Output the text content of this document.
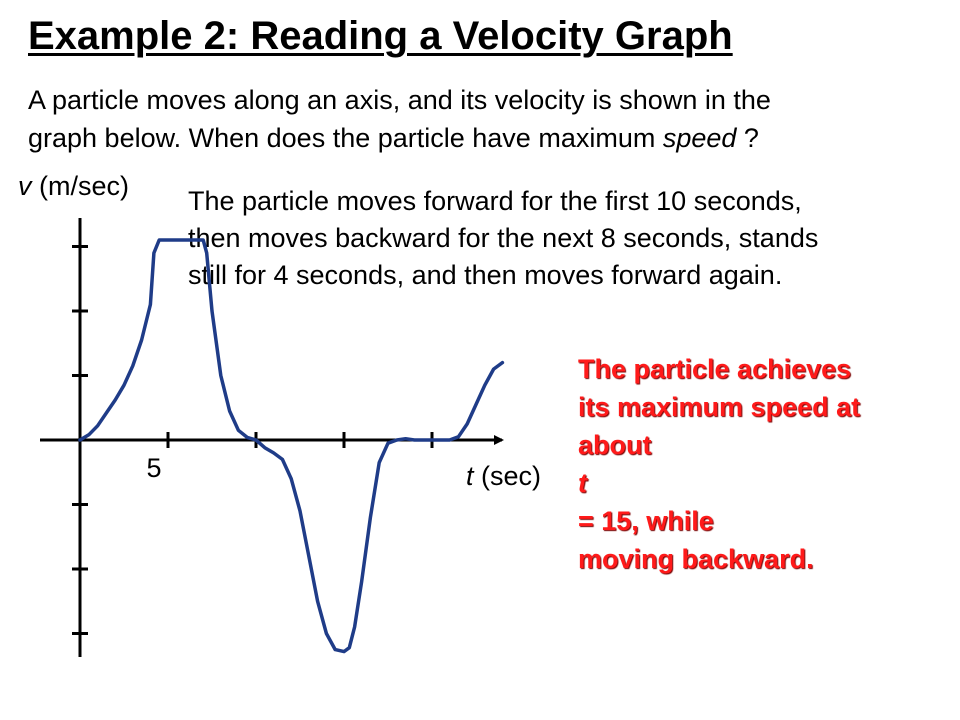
Example 2: Reading a Velocity Graph

A particle moves along an axis, and its velocity is shown in the
graph below. When does the particle have maximum speed ?

The particle moves forward for the first 10 seconds,
then moves backward for the next 8 seconds, stands
still for 4 seconds, and then moves forward again.

The particle achieves
its maximum speed at
about
t
= 15, while
moving backward.

5
v (m/sec)
t (sec)
